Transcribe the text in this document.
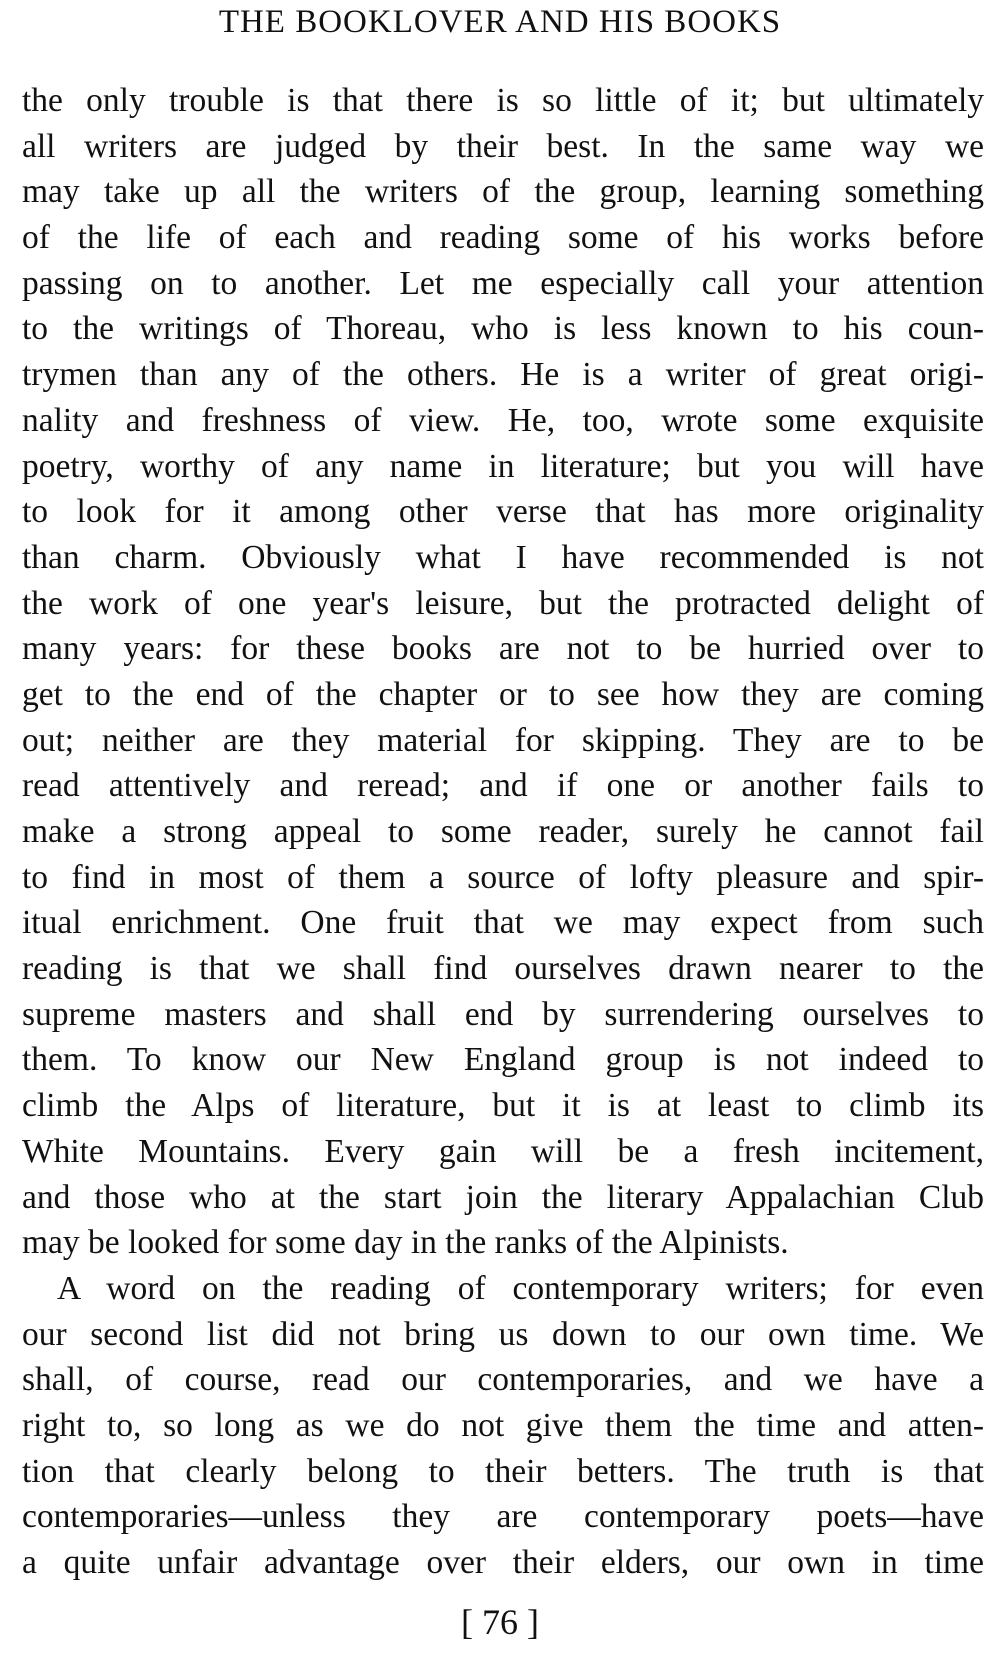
THE BOOKLOVER AND HIS BOOKS
the only trouble is that there is so little of it; but ultimately
all writers are judged by their best. In the same way we
may take up all the writers of the group, learning something
of the life of each and reading some of his works before
passing on to another. Let me especially call your attention
to the writings of Thoreau, who is less known to his coun-
trymen than any of the others. He is a writer of great origi-
nality and freshness of view. He, too, wrote some exquisite
poetry, worthy of any name in literature; but you will have
to look for it among other verse that has more originality
than charm. Obviously what I have recommended is not
the work of one year's leisure, but the protracted delight of
many years: for these books are not to be hurried over to
get to the end of the chapter or to see how they are coming
out; neither are they material for skipping. They are to be
read attentively and reread; and if one or another fails to
make a strong appeal to some reader, surely he cannot fail
to find in most of them a source of lofty pleasure and spir-
itual enrichment. One fruit that we may expect from such
reading is that we shall find ourselves drawn nearer to the
supreme masters and shall end by surrendering ourselves to
them. To know our New England group is not indeed to
climb the Alps of literature, but it is at least to climb its
White Mountains. Every gain will be a fresh incitement,
and those who at the start join the literary Appalachian Club
may be looked for some day in the ranks of the Alpinists.
A word on the reading of contemporary writers; for even
our second list did not bring us down to our own time. We
shall, of course, read our contemporaries, and we have a
right to, so long as we do not give them the time and atten-
tion that clearly belong to their betters. The truth is that
contemporaries—unless they are contemporary poets—have
a quite unfair advantage over their elders, our own in time
[ 76 ]
